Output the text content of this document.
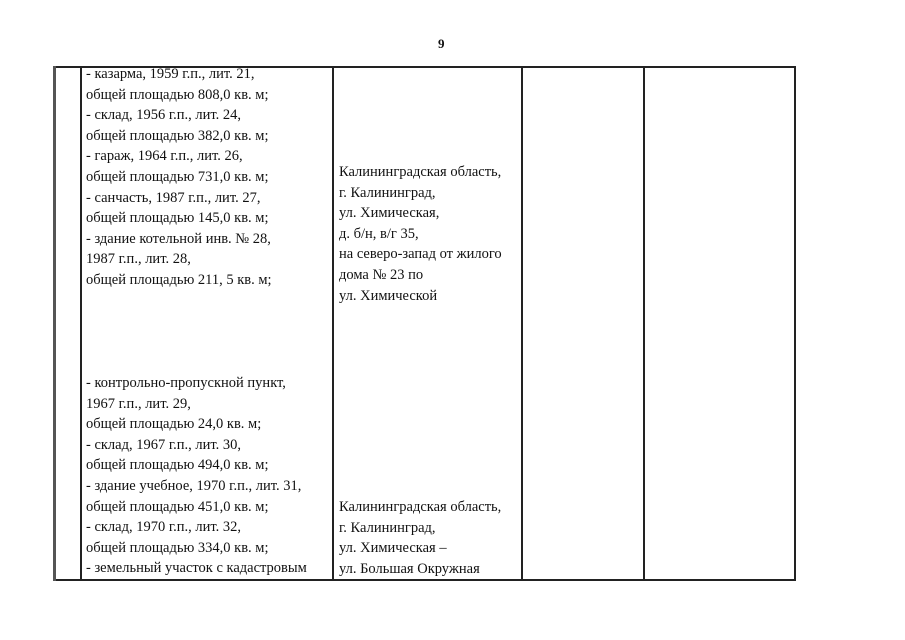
9
- казарма, 1959 г.п., лит. 21,
общей площадью 808,0 кв. м;
- склад, 1956 г.п., лит. 24,
общей площадью 382,0 кв. м;
- гараж, 1964 г.п., лит. 26,
общей площадью 731,0 кв. м;
- санчасть, 1987 г.п., лит. 27,
общей площадью 145,0 кв. м;
- здание котельной инв. № 28,
1987 г.п., лит. 28,
общей площадью 211, 5 кв. м;
Калининградская область,
г. Калининград,
ул. Химическая,
д. б/н, в/г 35,
на северо-запад от жилого
дома № 23 по
ул. Химической
- контрольно-пропускной пункт,
1967 г.п., лит. 29,
общей площадью 24,0 кв. м;
- склад, 1967 г.п., лит. 30,
общей площадью 494,0 кв. м;
- здание учебное, 1970 г.п., лит. 31,
общей площадью 451,0 кв. м;
- склад, 1970 г.п., лит. 32,
общей площадью 334,0 кв. м;
- земельный участок с кадастровым
Калининградская область,
г. Калининград,
ул. Химическая –
ул. Большая Окружная
